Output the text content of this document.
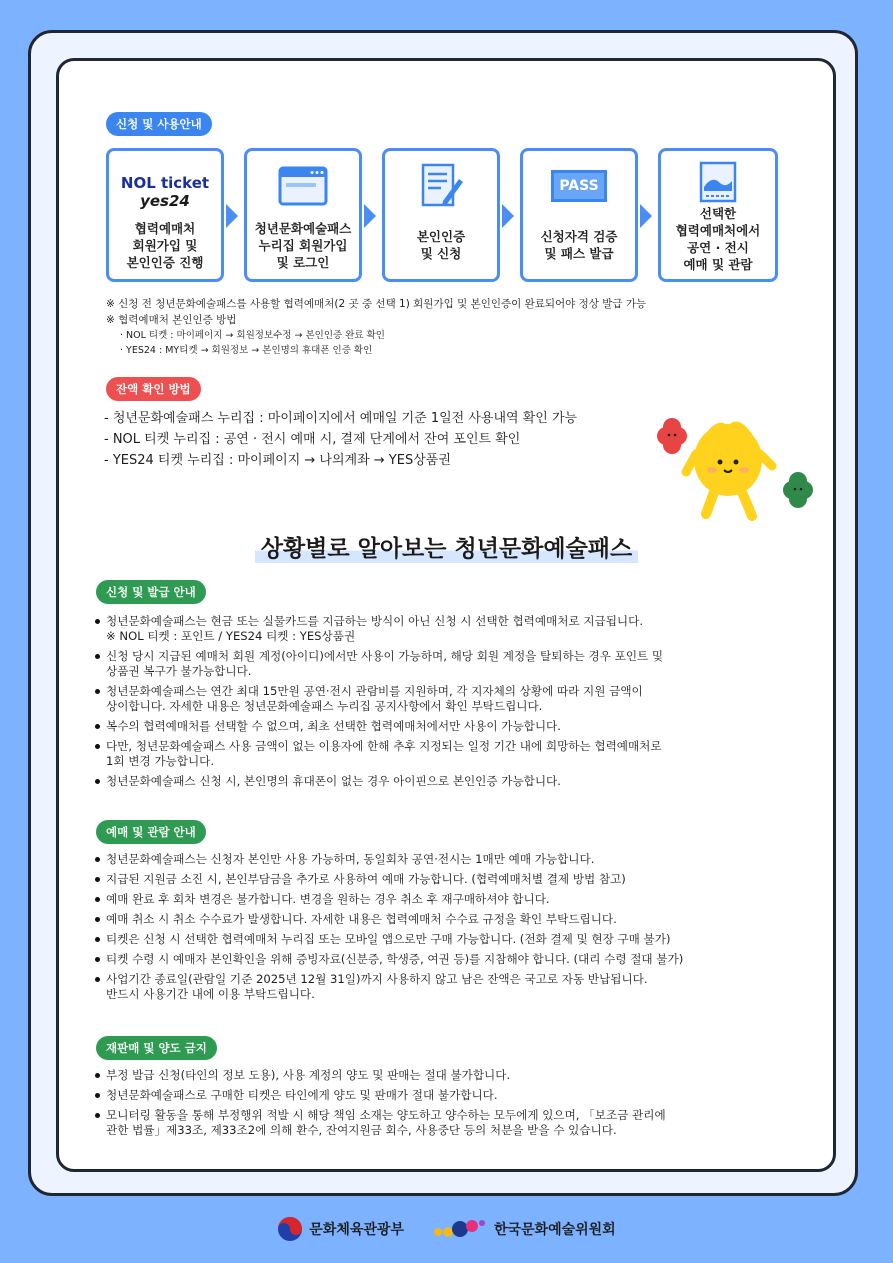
신청 및 사용안내
NOL ticket
yes24
협력예매처
회원가입 및
본인인증 진행
청년문화예술패스
누리집 회원가입
및 로그인
본인인증
및 신청
PASS
신청자격 검증
및 패스 발급
선택한
협력예매처에서
공연 · 전시
예매 및 관람
※ 신청 전 청년문화예술패스를 사용할 협력예매처(2 곳 중 선택 1) 회원가입 및 본인인증이 완료되어야 정상 발급 가능
※ 협력예매처 본인인증 방법
· NOL 티켓 : 마이페이지 → 회원정보수정 → 본인인증 완료 확인
· YES24 : MY티켓 → 회원정보 → 본인명의 휴대폰 인증 확인
잔액 확인 방법
- 청년문화예술패스 누리집 : 마이페이지에서 예매일 기준 1일전 사용내역 확인 가능
- NOL 티켓 누리집 : 공연 · 전시 예매 시, 결제 단계에서 잔여 포인트 확인
- YES24 티켓 누리집 : 마이페이지 → 나의계좌 → YES상품권
상황별로 알아보는 청년문화예술패스
신청 및 발급 안내
청년문화예술패스는 현금 또는 실물카드를 지급하는 방식이 아닌 신청 시 선택한 협력예매처로 지급됩니다.
※ NOL 티켓 : 포인트 / YES24 티켓 : YES상품권
신청 당시 지급된 예매처 회원 계정(아이디)에서만 사용이 가능하며, 해당 회원 계정을 탈퇴하는 경우 포인트 및
상품권 복구가 불가능합니다.
청년문화예술패스는 연간 최대 15만원 공연·전시 관람비를 지원하며, 각 지자체의 상황에 따라 지원 금액이
상이합니다. 자세한 내용은 청년문화예술패스 누리집 공지사항에서 확인 부탁드립니다.
복수의 협력예매처를 선택할 수 없으며, 최초 선택한 협력예매처에서만 사용이 가능합니다.
다만, 청년문화예술패스 사용 금액이 없는 이용자에 한해 추후 지정되는 일정 기간 내에 희망하는 협력예매처로
1회 변경 가능합니다.
청년문화예술패스 신청 시, 본인명의 휴대폰이 없는 경우 아이핀으로 본인인증 가능합니다.
예매 및 관람 안내
청년문화예술패스는 신청자 본인만 사용 가능하며, 동일회차 공연·전시는 1매만 예매 가능합니다.
지급된 지원금 소진 시, 본인부담금을 추가로 사용하여 예매 가능합니다. (협력예매처별 결제 방법 참고)
예매 완료 후 회차 변경은 불가합니다. 변경을 원하는 경우 취소 후 재구매하셔야 합니다.
예매 취소 시 취소 수수료가 발생합니다. 자세한 내용은 협력예매처 수수료 규정을 확인 부탁드립니다.
티켓은 신청 시 선택한 협력예매처 누리집 또는 모바일 앱으로만 구매 가능합니다. (전화 결제 및 현장 구매 불가)
티켓 수령 시 예매자 본인확인을 위해 증빙자료(신분증, 학생증, 여권 등)를 지참해야 합니다. (대리 수령 절대 불가)
사업기간 종료일(관람일 기준 2025년 12월 31일)까지 사용하지 않고 남은 잔액은 국고로 자동 반납됩니다.
반드시 사용기간 내에 이용 부탁드립니다.
재판매 및 양도 금지
부정 발급 신청(타인의 정보 도용), 사용 계정의 양도 및 판매는 절대 불가합니다.
청년문화예술패스로 구매한 티켓은 타인에게 양도 및 판매가 절대 불가합니다.
모니터링 활동을 통해 부정행위 적발 시 해당 책임 소재는 양도하고 양수하는 모두에게 있으며, 「보조금 관리에
관한 법률」제33조, 제33조2에 의해 환수, 잔여지원금 회수, 사용중단 등의 처분을 받을 수 있습니다.
문화체육관광부	한국문화예술위원회
